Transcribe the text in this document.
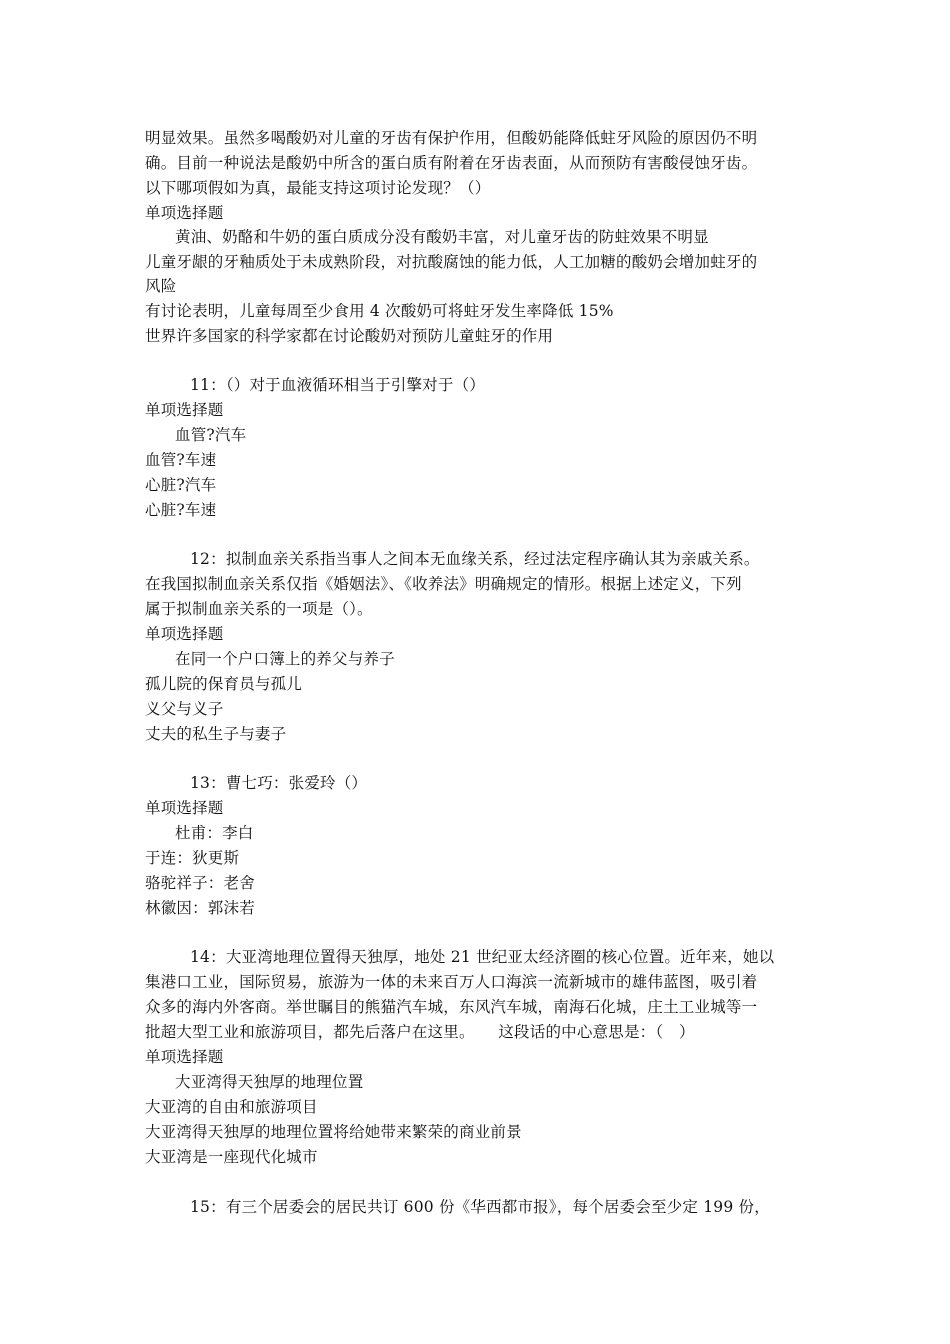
明显效果。虽然多喝酸奶对儿童的牙齿有保护作用，但酸奶能降低蛀牙风险的原因仍不明
确。目前一种说法是酸奶中所含的蛋白质有附着在牙齿表面，从而预防有害酸侵蚀牙齿。
以下哪项假如为真，最能支持这项讨论发现？（）
单项选择题
黄油、奶酪和牛奶的蛋白质成分没有酸奶丰富，对儿童牙齿的防蛀效果不明显
儿童牙龈的牙釉质处于未成熟阶段，对抗酸腐蚀的能力低，人工加糖的酸奶会增加蛀牙的
风险
有讨论表明，儿童每周至少食用 4 次酸奶可将蛀牙发生率降低 15%
世界许多国家的科学家都在讨论酸奶对预防儿童蛀牙的作用
11：（）对于血液循环相当于引擎对于（）
单项选择题
血管?汽车
血管?车速
心脏?汽车
心脏?车速
12：拟制血亲关系指当事人之间本无血缘关系，经过法定程序确认其为亲戚关系。
在我国拟制血亲关系仅指《婚姻法》、《收养法》明确规定的情形。根据上述定义，下列
属于拟制血亲关系的一项是（）。
单项选择题
在同一个户口簿上的养父与养子
孤儿院的保育员与孤儿
义父与义子
丈夫的私生子与妻子
13：曹七巧：张爱玲（）
单项选择题
杜甫：李白
于连：狄更斯
骆驼祥子：老舍
林徽因：郭沫若
14：大亚湾地理位置得天独厚，地处 21 世纪亚太经济圈的核心位置。近年来，她以
集港口工业，国际贸易，旅游为一体的未来百万人口海滨一流新城市的雄伟蓝图，吸引着
众多的海内外客商。举世瞩目的熊猫汽车城，东风汽车城，南海石化城，庄土工业城等一
批超大型工业和旅游项目，都先后落户在这里。　　这段话的中心意思是：（　）
单项选择题
大亚湾得天独厚的地理位置
大亚湾的自由和旅游项目
大亚湾得天独厚的地理位置将给她带来繁荣的商业前景
大亚湾是一座现代化城市
15：有三个居委会的居民共订 600 份《华西都市报》，每个居委会至少定 199 份，
